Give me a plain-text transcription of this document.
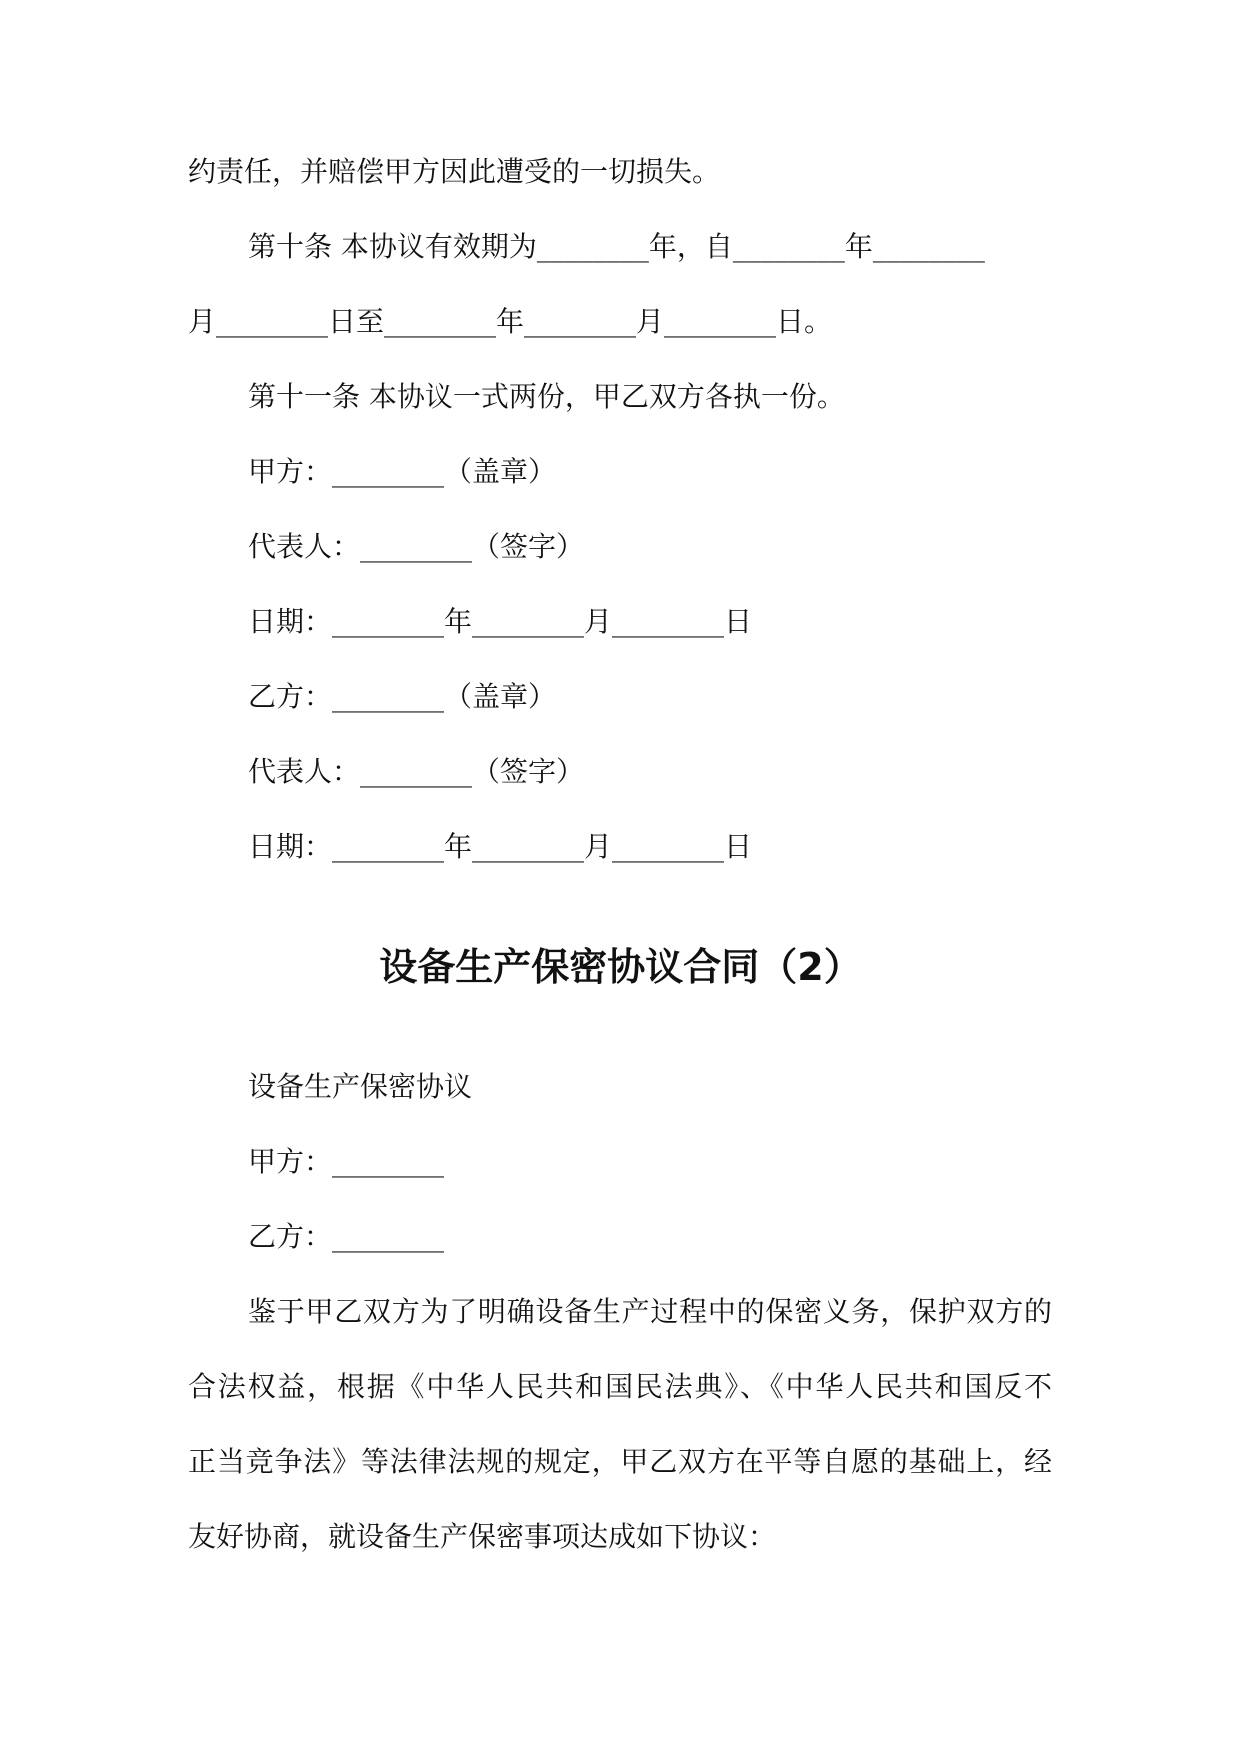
约责任，并赔偿甲方因此遭受的一切损失。
第十条 本协议有效期为________年，自________年________
月________日至________年________月________日。
第十一条 本协议一式两份，甲乙双方各执一份。
甲方：________（盖章）
代表人：________（签字）
日期：________年________月________日
乙方：________（盖章）
代表人：________（签字）
日期：________年________月________日
设备生产保密协议合同（2）
设备生产保密协议
甲方：________
乙方：________
鉴于甲乙双方为了明确设备生产过程中的保密义务，保护双方的
合法权益，根据《中华人民共和国民法典》、《中华人民共和国反不
正当竞争法》等法律法规的规定，甲乙双方在平等自愿的基础上，经
友好协商，就设备生产保密事项达成如下协议：
